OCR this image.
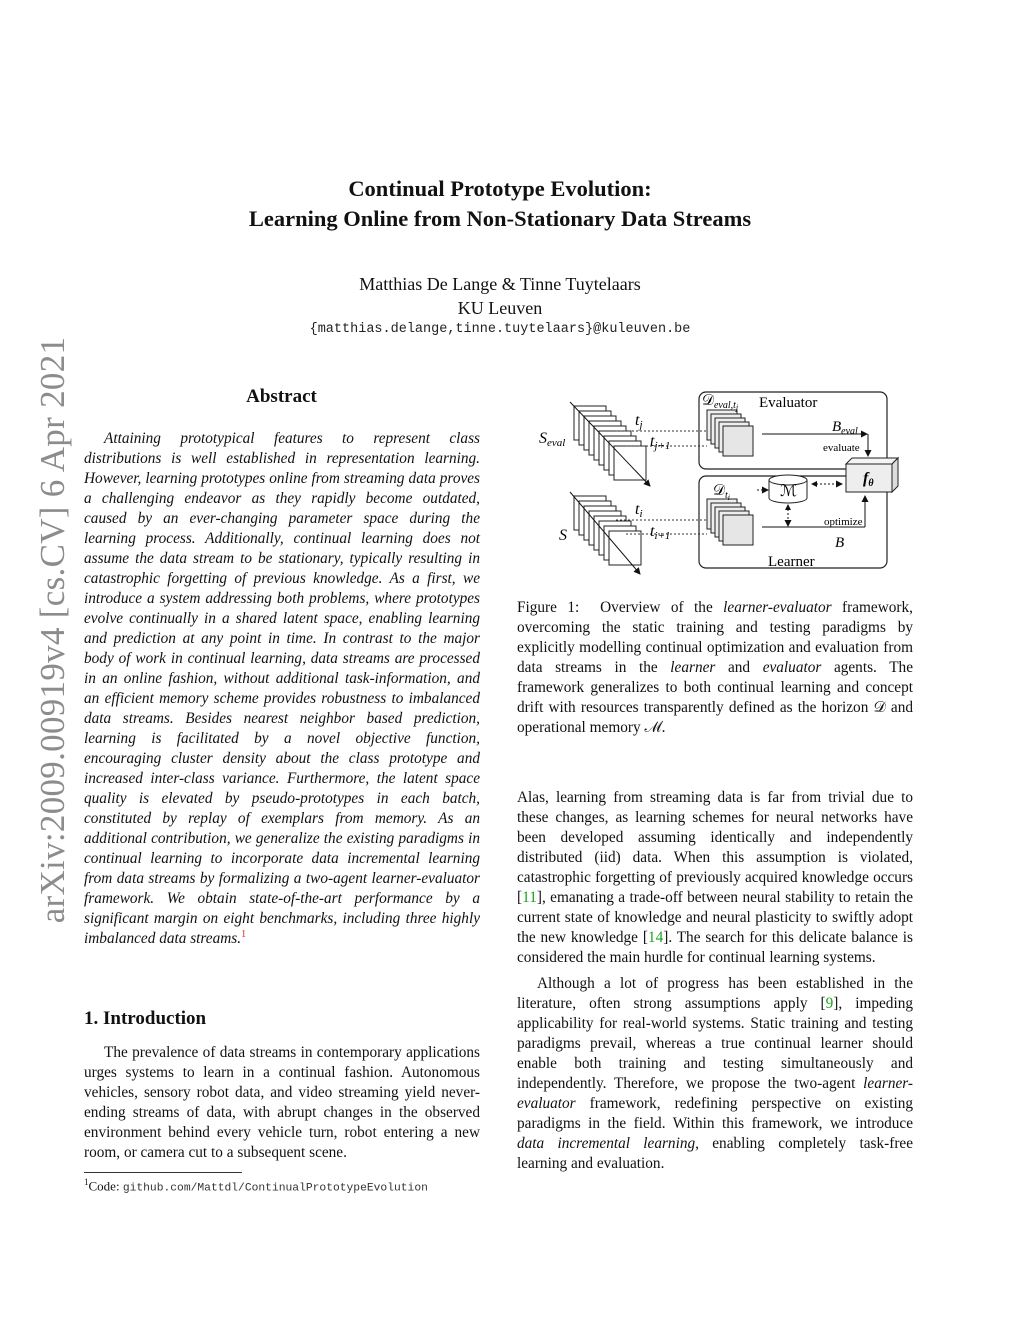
arXiv:2009.00919v4 [cs.CV] 6 Apr 2021
Continual Prototype Evolution:
Learning Online from Non-Stationary Data Streams
Matthias De Lange & Tinne Tuytelaars
KU Leuven
{matthias.delange,tinne.tuytelaars}@kuleuven.be
Abstract
Attaining prototypical features to represent class distributions is well established in representation learning. However, learning prototypes online from streaming data proves a challenging endeavor as they rapidly become outdated, caused by an ever-changing parameter space during the learning process. Additionally, continual learning does not assume the data stream to be stationary, typically resulting in catastrophic forgetting of previous knowledge. As a first, we introduce a system addressing both problems, where prototypes evolve continually in a shared latent space, enabling learning and prediction at any point in time. In contrast to the major body of work in continual learning, data streams are processed in an online fashion, without additional task-information, and an efficient memory scheme provides robustness to imbalanced data streams. Besides nearest neighbor based prediction, learning is facilitated by a novel objective function, encouraging cluster density about the class prototype and increased inter-class variance. Furthermore, the latent space quality is elevated by pseudo-prototypes in each batch, constituted by replay of exemplars from memory. As an additional contribution, we generalize the existing paradigms in continual learning to incorporate data incremental learning from data streams by formalizing a two-agent learner-evaluator framework. We obtain state-of-the-art performance by a significant margin on eight benchmarks, including three highly imbalanced data streams.$^1$
1. Introduction
The prevalence of data streams in contemporary applications urges systems to learn in a continual fashion. Autonomous vehicles, sensory robot data, and video streaming yield never-ending streams of data, with abrupt changes in the observed environment behind every vehicle turn, robot entering a new room, or camera cut to a subsequent scene.
$^1$Code: github.com/Mattdl/ContinualPrototypeEvolution
Evaluator
Learner
evaluate
optimize
Seval
S
tj
tj+1
ti
ti+1
𝒟$_{eval,t}$j
𝒟$_t$i	ℳ
$B_{eval}$
B
fθ
Figure 1: Overview of the learner-evaluator framework, overcoming the static training and testing paradigms by explicitly modelling continual optimization and evaluation from data streams in the learner and evaluator agents. The framework generalizes to both continual learning and concept drift with resources transparently defined as the horizon 𝒟 and operational memory ℳ.

Alas, learning from streaming data is far from trivial due to these changes, as learning schemes for neural networks have been developed assuming identically and independently distributed (iid) data. When this assumption is violated, catastrophic forgetting of previously acquired knowledge occurs [11], emanating a trade-off between neural stability to retain the current state of knowledge and neural plasticity to swiftly adopt the new knowledge [14]. The search for this delicate balance is considered the main hurdle for continual learning systems.

Although a lot of progress has been established in the literature, often strong assumptions apply [9], impeding applicability for real-world systems. Static training and testing paradigms prevail, whereas a true continual learner should enable both training and testing simultaneously and independently. Therefore, we propose the two-agent learner-evaluator framework, redefining perspective on existing paradigms in the field. Within this framework, we introduce data incremental learning, enabling completely task-free learning and evaluation.
